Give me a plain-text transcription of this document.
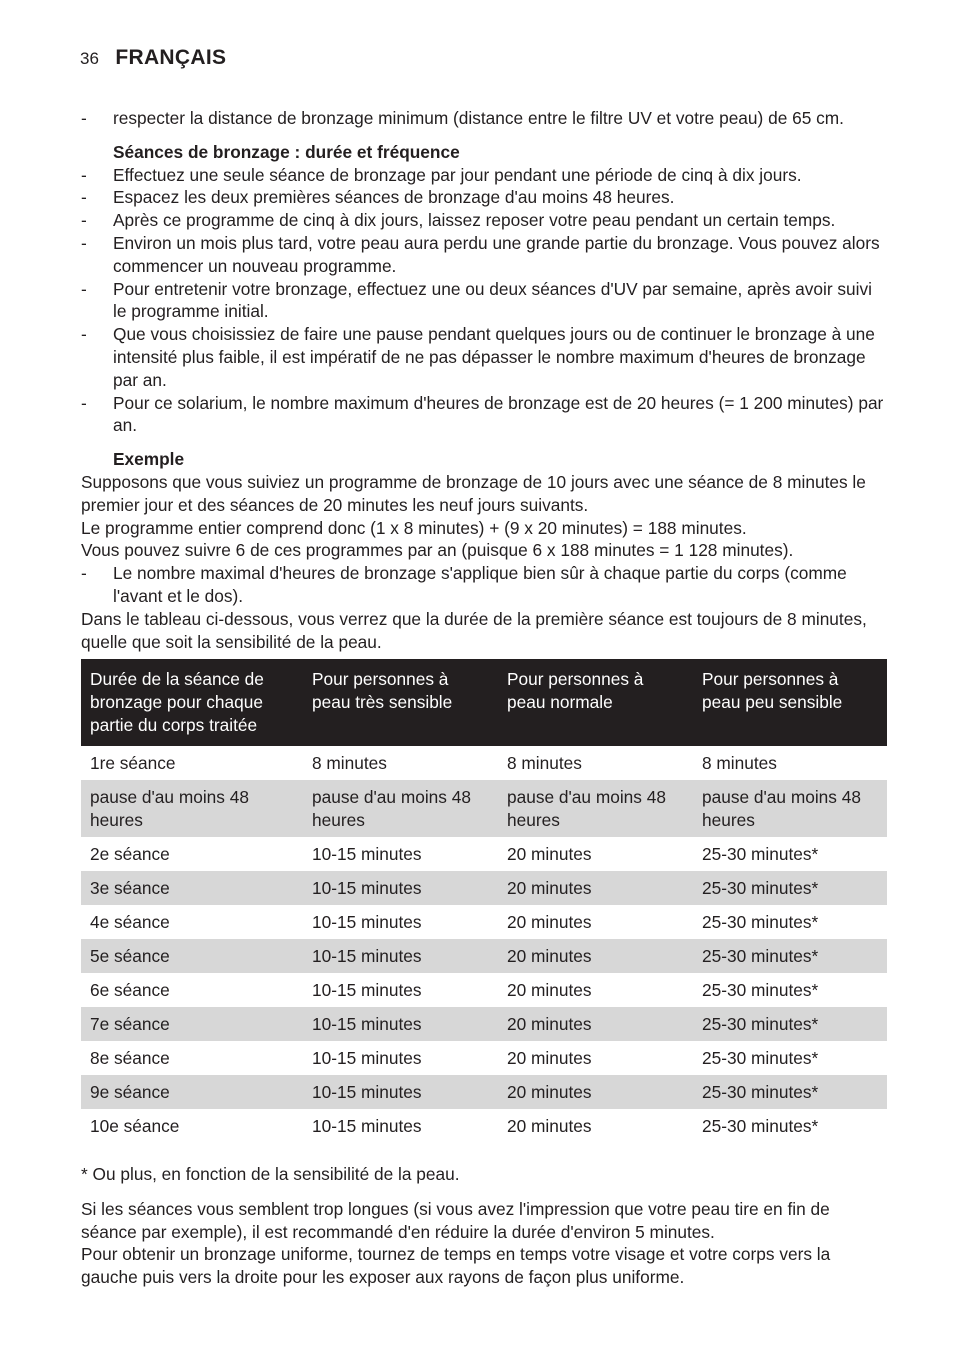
36 FRANÇAIS
- respecter la distance de bronzage minimum (distance entre le filtre UV et votre peau) de 65 cm.
Séances de bronzage : durée et fréquence
- Effectuez une seule séance de bronzage par jour pendant une période de cinq à dix jours.
- Espacez les deux premières séances de bronzage d'au moins 48 heures.
- Après ce programme de cinq à dix jours, laissez reposer votre peau pendant un certain temps.
- Environ un mois plus tard, votre peau aura perdu une grande partie du bronzage. Vous pouvez alors commencer un nouveau programme.
- Pour entretenir votre bronzage, effectuez une ou deux séances d'UV par semaine, après avoir suivi le programme initial.
- Que vous choisissiez de faire une pause pendant quelques jours ou de continuer le bronzage à une intensité plus faible, il est impératif de ne pas dépasser le nombre maximum d'heures de bronzage par an.
- Pour ce solarium, le nombre maximum d'heures de bronzage est de 20 heures (= 1 200 minutes) par an.
Exemple
Supposons que vous suiviez un programme de bronzage de 10 jours avec une séance de 8 minutes le premier jour et des séances de 20 minutes les neuf jours suivants.
Le programme entier comprend donc (1 x 8 minutes) + (9 x 20 minutes) = 188 minutes.
Vous pouvez suivre 6 de ces programmes par an (puisque 6 x 188 minutes = 1 128 minutes).
- Le nombre maximal d'heures de bronzage s'applique bien sûr à chaque partie du corps (comme l'avant et le dos).
Dans le tableau ci-dessous, vous verrez que la durée de la première séance est toujours de 8 minutes, quelle que soit la sensibilité de la peau.
Durée de la séance de bronzage pour chaque partie du corps traitée	Pour personnes à peau très sensible	Pour personnes à peau normale	Pour personnes à peau peu sensible
1re séance	8 minutes	8 minutes	8 minutes
pause d'au moins 48 heures	pause d'au moins 48 heures	pause d'au moins 48 heures	pause d'au moins 48 heures
2e séance	10-15 minutes	20 minutes	25-30 minutes*
3e séance	10-15 minutes	20 minutes	25-30 minutes*
4e séance	10-15 minutes	20 minutes	25-30 minutes*
5e séance	10-15 minutes	20 minutes	25-30 minutes*
6e séance	10-15 minutes	20 minutes	25-30 minutes*
7e séance	10-15 minutes	20 minutes	25-30 minutes*
8e séance	10-15 minutes	20 minutes	25-30 minutes*
9e séance	10-15 minutes	20 minutes	25-30 minutes*
10e séance	10-15 minutes	20 minutes	25-30 minutes*
* Ou plus, en fonction de la sensibilité de la peau.
Si les séances vous semblent trop longues (si vous avez l'impression que votre peau tire en fin de séance par exemple), il est recommandé d'en réduire la durée d'environ 5 minutes.
Pour obtenir un bronzage uniforme, tournez de temps en temps votre visage et votre corps vers la gauche puis vers la droite pour les exposer aux rayons de façon plus uniforme.
